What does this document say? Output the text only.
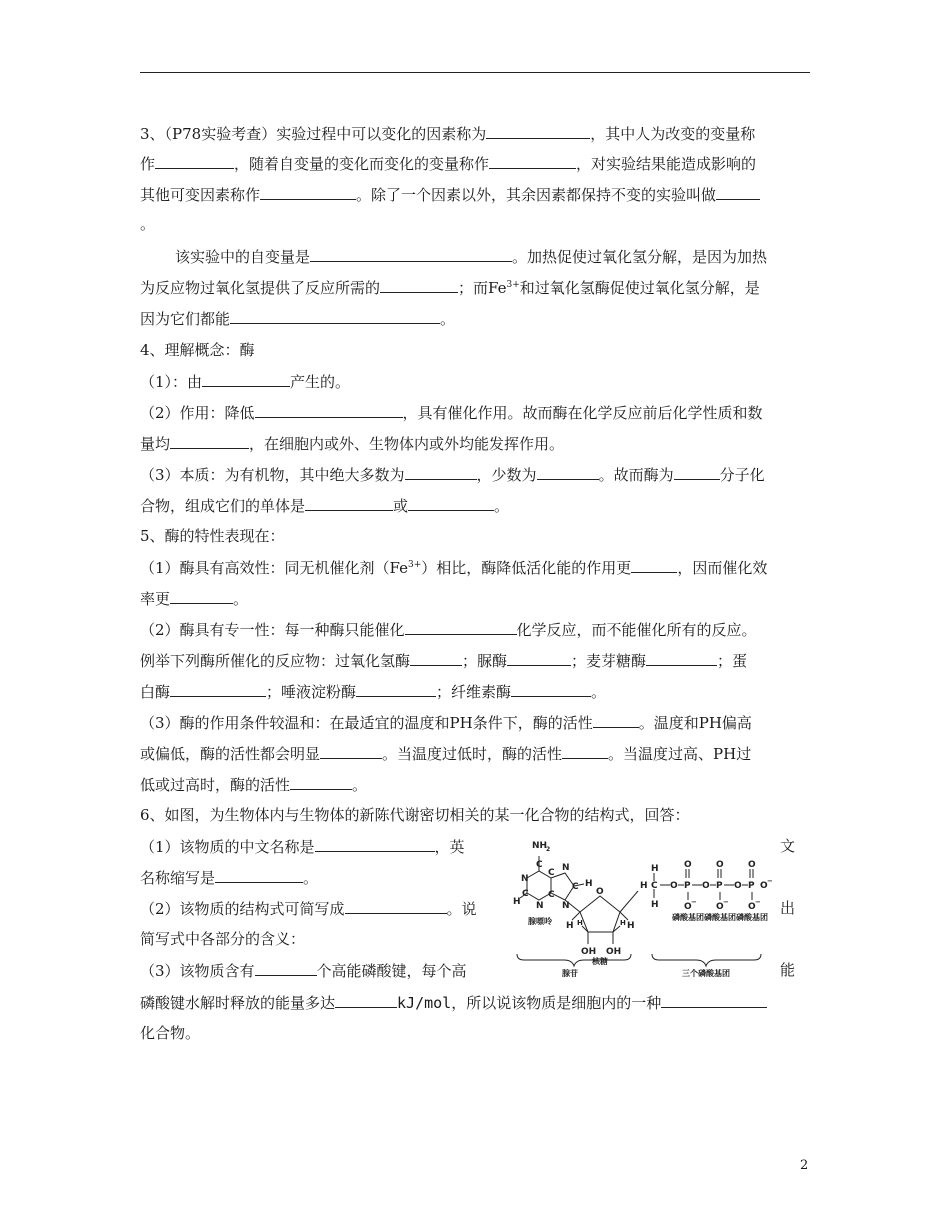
3、（P78实验考查）实验过程中可以变化的因素称为	，其中人为改变的变量称
作	，随着自变量的变化而变化的变量称作	，对实验结果能造成影响的
其他可变因素称作	。除了一个因素以外，其余因素都保持不变的实验叫做
。
该实验中的自变量是	。加热促使过氧化氢分解，是因为加热
为反应物过氧化氢提供了反应所需的	；而$Fe^{3+}$和过氧化氢酶促使过氧化氢分解，是
因为它们都能	。
4、理解概念：酶
（1）：由	产生的。
（2）作用：降低	，具有催化作用。故而酶在化学反应前后化学性质和数
量均	，在细胞内或外、生物体内或外均能发挥作用。
（3）本质：为有机物，其中绝大多数为	，少数为	。故而酶为	分子化
合物，组成它们的单体是	或	。
5、酶的特性表现在：
（1）酶具有高效性：同无机催化剂$(Fe^{3+})$相比，酶降低活化能的作用更	，因而催化效
率更	。
（2）酶具有专一性：每一种酶只能催化	化学反应，而不能催化所有的反应。
例举下列酶所催化的反应物：过氧化氢酶	；脲酶	；麦芽糖酶	；蛋
白酶	；唾液淀粉酶	；纤维素酶	。
（3）酶的作用条件较温和：在最适宜的温度和PH条件下，酶的活性	。温度和PH偏高
或偏低，酶的活性都会明显	。当温度过低时，酶的活性	。当温度过高、PH过
低或过高时，酶的活性	。
6、如图，为生物体内与生物体的新陈代谢密切相关的某一化合物的结构式，回答：
（1）该物质的中文名称是	，英	文
名称缩写是	。
（2）该物质的结构式可简写成	。说	出
简写式中各部分的含义：
（3）该物质含有	个高能磷酸键，每个高	能
磷酸键水解时释放的能量多达	kJ/mol，所以说该物质是细胞内的一种
化合物。
NH
2
C
N
C N
C H
C
H N
C
N
O
H	H
H	H
OH OH
H
H C
H
O P O P O P
O	O	O
O	O	O
O
−	−	−
−
腺嘌呤
核糖
磷酸基团 磷酸基团 磷酸基团
腺苷	三个磷酸基团
2
